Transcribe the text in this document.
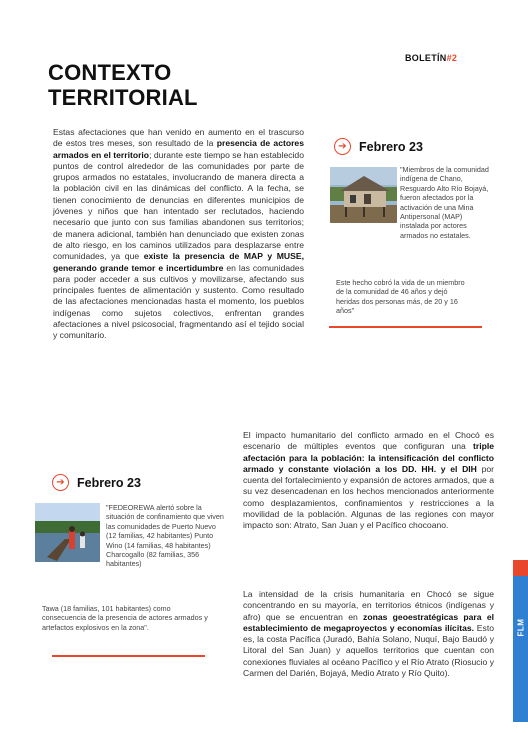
BOLETÍN#2
CONTEXTO
TERRITORIAL
Estas afectaciones que han venido en aumento en el trascurso de estos tres meses, son resultado de la presencia de actores armados en el territorio; durante este tiempo se han establecido puntos de control alrededor de las comunidades por parte de grupos armados no estatales, involucrando de manera directa a la población civil en las dinámicas del conflicto. A la fecha, se tienen conocimiento de denuncias en diferentes municipios de jóvenes y niños que han intentado ser reclutados, haciendo necesario que junto con sus familias abandonen sus territorios; de manera adicional, también han denunciado que existen zonas de alto riesgo, en los caminos utilizados para desplazarse entre comunidades, ya que existe la presencia de MAP y MUSE, generando grande temor e incertidumbre en las comunidades para poder acceder a sus cultivos y movilizarse, afectando sus principales fuentes de alimentación y sustento. Como resultado de las afectaciones mencionadas hasta el momento, los pueblos indígenas como sujetos colectivos, enfrentan grandes afectaciones a nivel psicosocial, fragmentando así el tejido social y comunitario.
➔ Febrero 23
"Miembros de la comunidad indígena de Chano, Resguardo Alto Río Bojayá, fueron afectados por la activación de una Mina Antipersonal (MAP) instalada por actores armados no estatales.
Este hecho cobró la vida de un miembro de la comunidad de 46 años y dejó heridas dos personas más, de 20 y 16 años"
El impacto humanitario del conflicto armado en el Chocó es escenario de múltiples eventos que configuran una triple afectación para la población: la intensificación del conflicto armado y constante violación a los DD. HH. y el DIH por cuenta del fortalecimiento y expansión de actores armados, que a su vez desencadenan en los hechos mencionados anteriormente como desplazamientos, confinamientos y restricciones a la movilidad de la población. Algunas de las regiones con mayor impacto son: Atrato, San Juan y el Pacífico chocoano.
➔ Febrero 23
"FEDEOREWA alertó sobre la situación de confinamiento que viven las comunidades de Puerto Nuevo (12 familias, 42 habitantes) Punto Wino (14 familias, 48 habitantes) Charcogallo (82 familias, 356 habitantes)
Tawa (18 familias, 101 habitantes) como consecuencia de la presencia de actores armados y artefactos explosivos en la zona".
La intensidad de la crisis humanitaria en Chocó se sigue concentrando en su mayoría, en territorios étnicos (indígenas y afro) que se encuentran en zonas geoestratégicas para el establecimiento de megaproyectos y economías ilícitas. Esto es, la costa Pacífica (Juradó, Bahía Solano, Nuquí, Bajo Baudó y Litoral del San Juan) y aquellos territorios que cuentan con conexiones fluviales al océano Pacífico y el Río Atrato (Riosucio y Carmen del Darién, Bojayá, Medio Atrato y Río Quito).
FLM
